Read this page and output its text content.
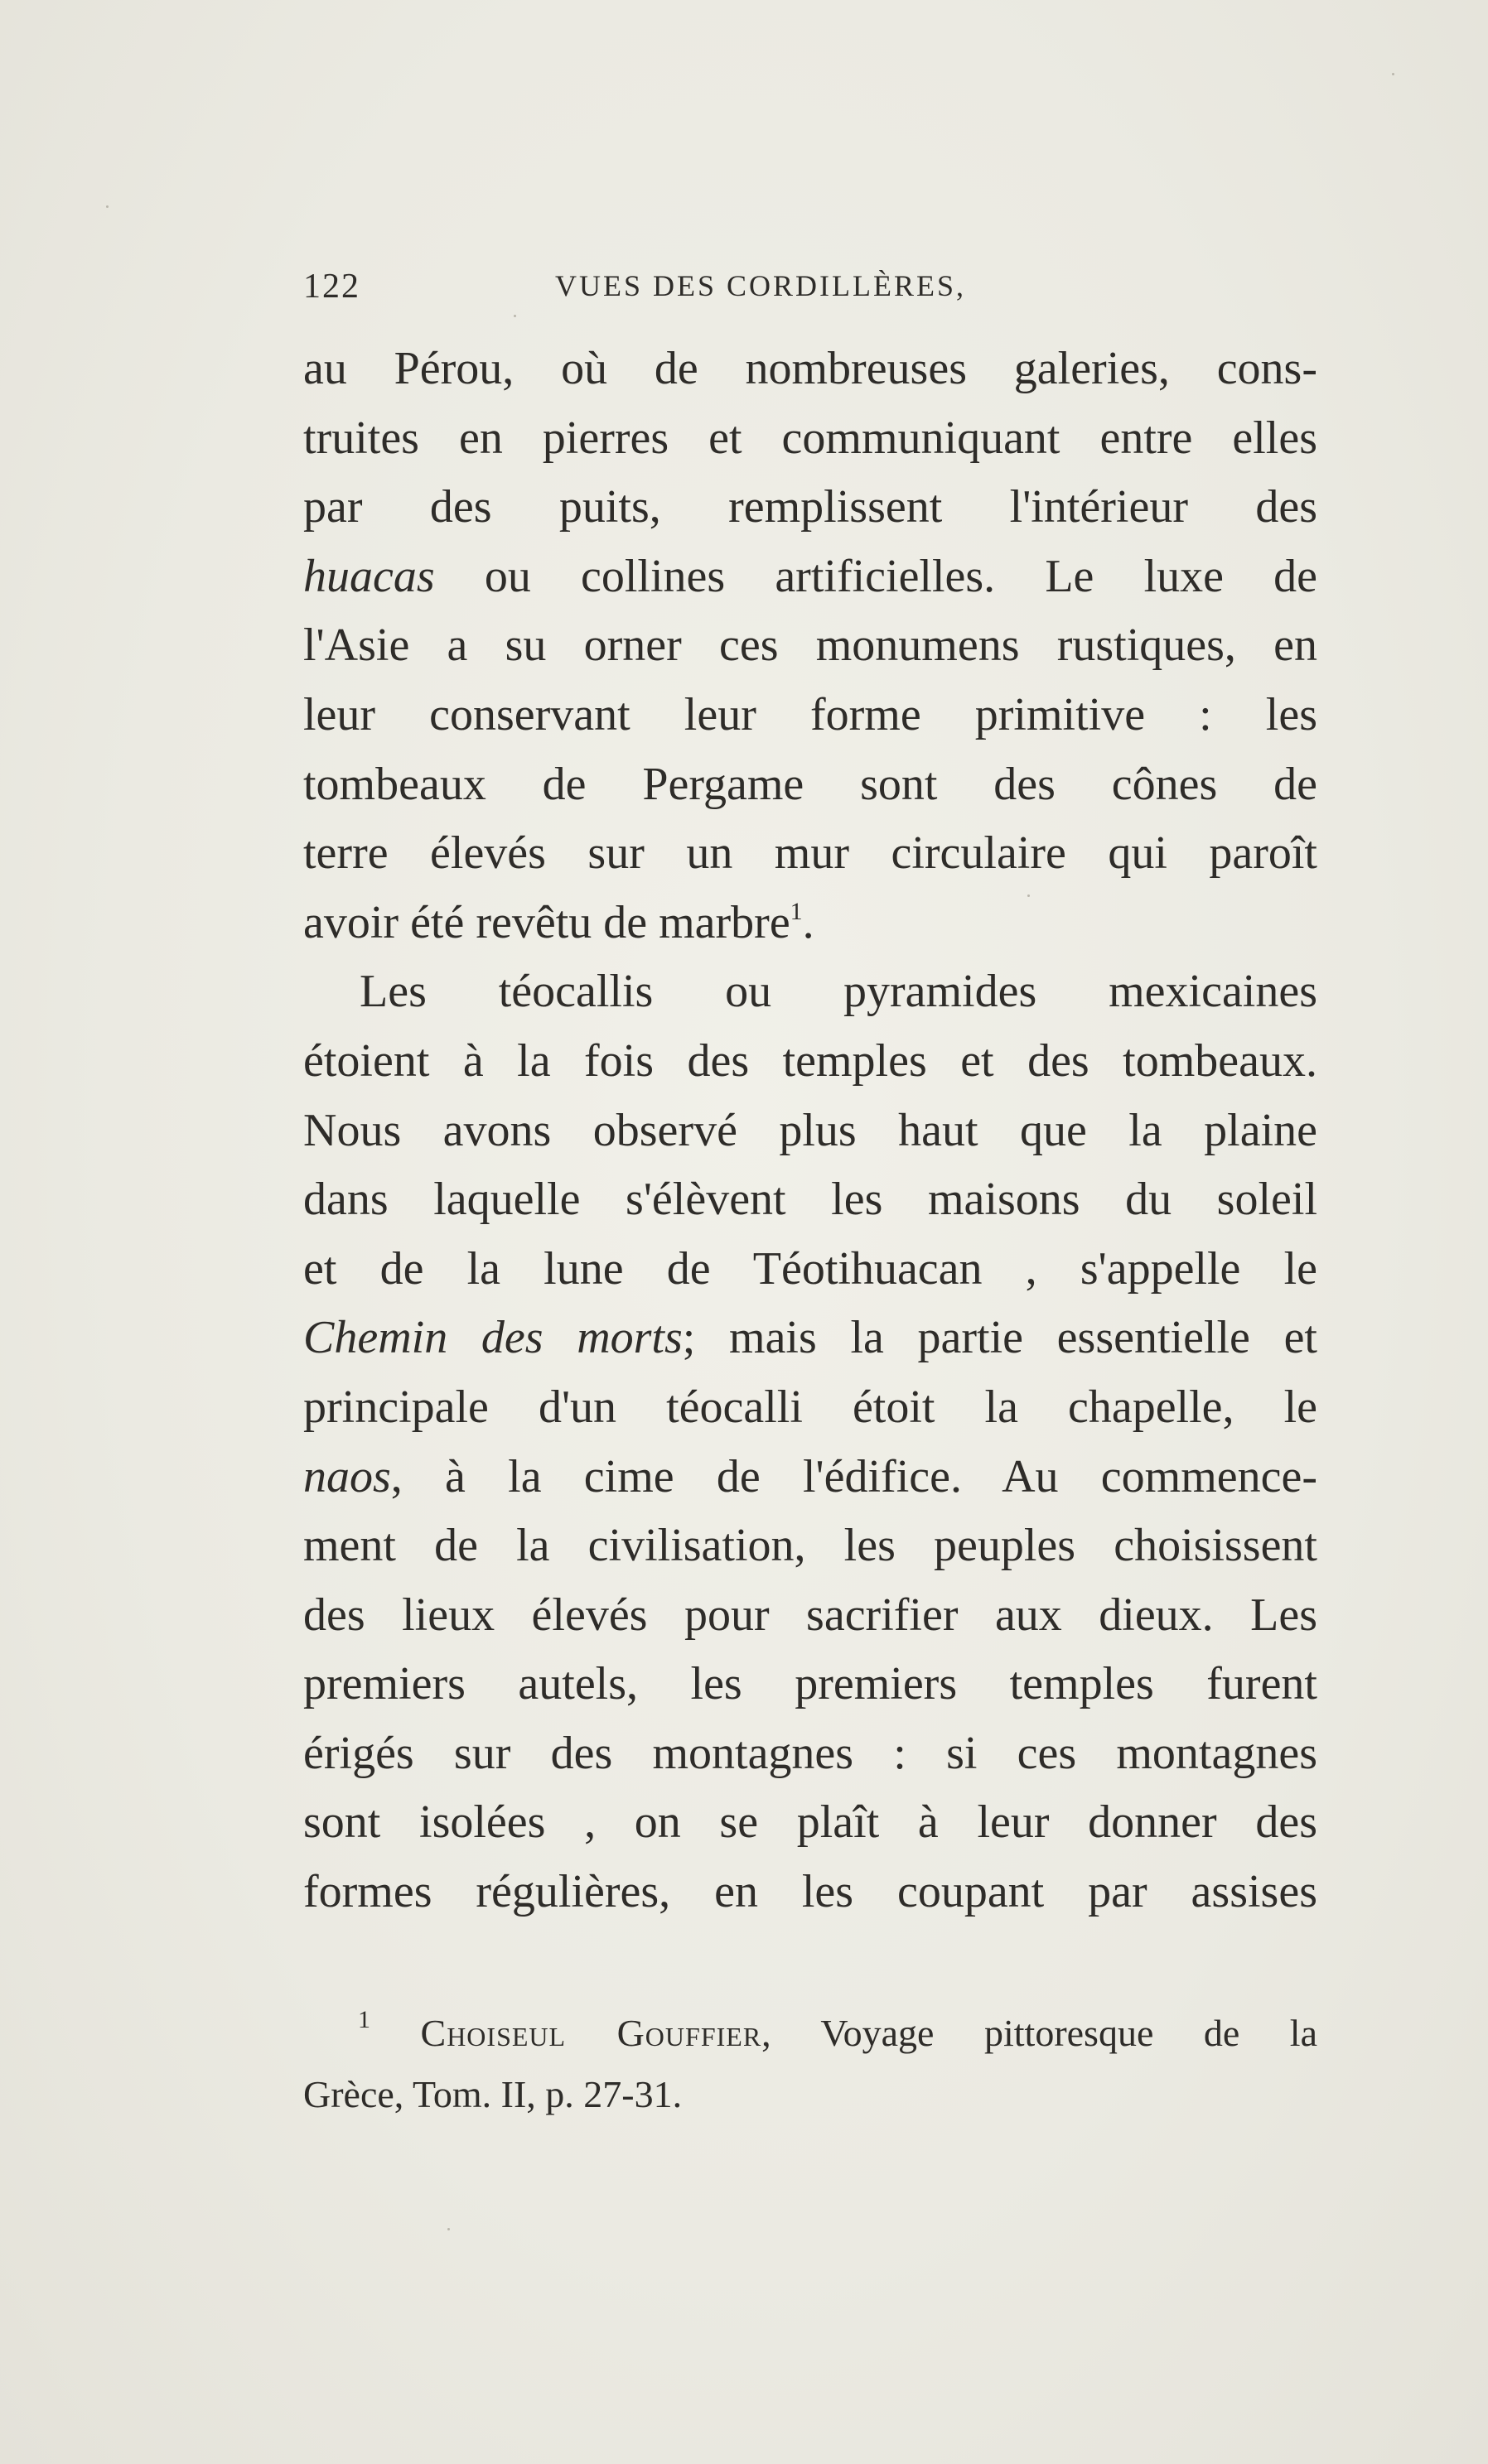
122	VUES DES CORDILLÈRES,
au Pérou, où de nombreuses galeries, cons-
truites en pierres et communiquant entre elles
par des puits, remplissent l'intérieur des
huacas ou collines artificielles. Le luxe de
l'Asie a su orner ces monumens rustiques, en
leur conservant leur forme primitive : les
tombeaux de Pergame sont des cônes de
terre élevés sur un mur circulaire qui paroît
avoir été revêtu de marbre$^1$.
Les téocallis ou pyramides mexicaines
étoient à la fois des temples et des tombeaux.
Nous avons observé plus haut que la plaine
dans laquelle s'élèvent les maisons du soleil
et de la lune de Téotihuacan , s'appelle le
Chemin des morts; mais la partie essentielle et
principale d'un téocalli étoit la chapelle, le
naos, à la cime de l'édifice. Au commence-
ment de la civilisation, les peuples choisissent
des lieux élevés pour sacrifier aux dieux. Les
premiers autels, les premiers temples furent
érigés sur des montagnes : si ces montagnes
sont isolées , on se plaît à leur donner des
formes régulières, en les coupant par assises
$^1$ Choiseul Gouffier, Voyage pittoresque de la
Grèce, Tom. II, p. 27-31.
